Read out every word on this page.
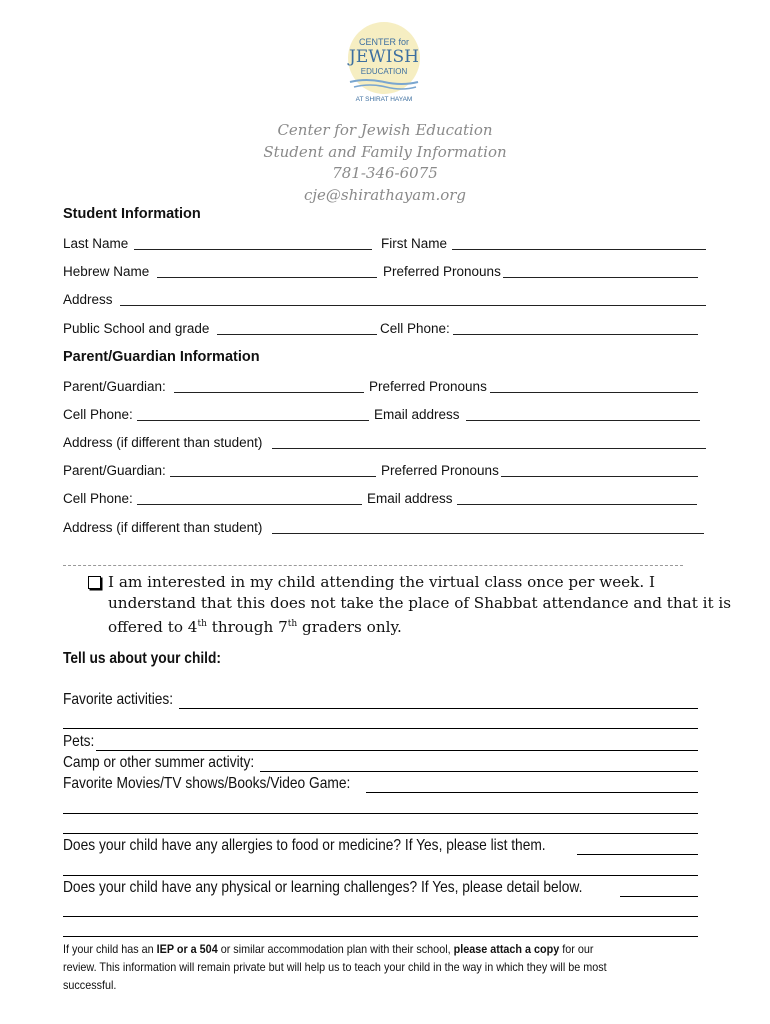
CENTER for
JEWISH
EDUCATION
AT SHIRAT HAYAM
Center for Jewish Education
Student and Family Information
781-346-6075
cje@shirathayam.org
Student Information
Last Name	First Name
Hebrew Name	Preferred Pronouns
Address
Public School and grade	Cell Phone:
Parent/Guardian Information
Parent/Guardian:	Preferred Pronouns
Cell Phone:	Email address
Address (if different than student)
Parent/Guardian:	Preferred Pronouns
Cell Phone:	Email address
Address (if different than student)
I am interested in my child attending the virtual class once per week. I
understand that this does not take the place of Shabbat attendance and that it is
offered to 4th through 7th graders only.
Tell us about your child:
Favorite activities:
Pets:
Camp or other summer activity:
Favorite Movies/TV shows/Books/Video Game:
Does your child have any allergies to food or medicine? If Yes, please list them.
Does your child have any physical or learning challenges? If Yes, please detail below.
If your child has an IEP or a 504 or similar accommodation plan with their school, please attach a copy for our
review. This information will remain private but will help us to teach your child in the way in which they will be most
successful.
